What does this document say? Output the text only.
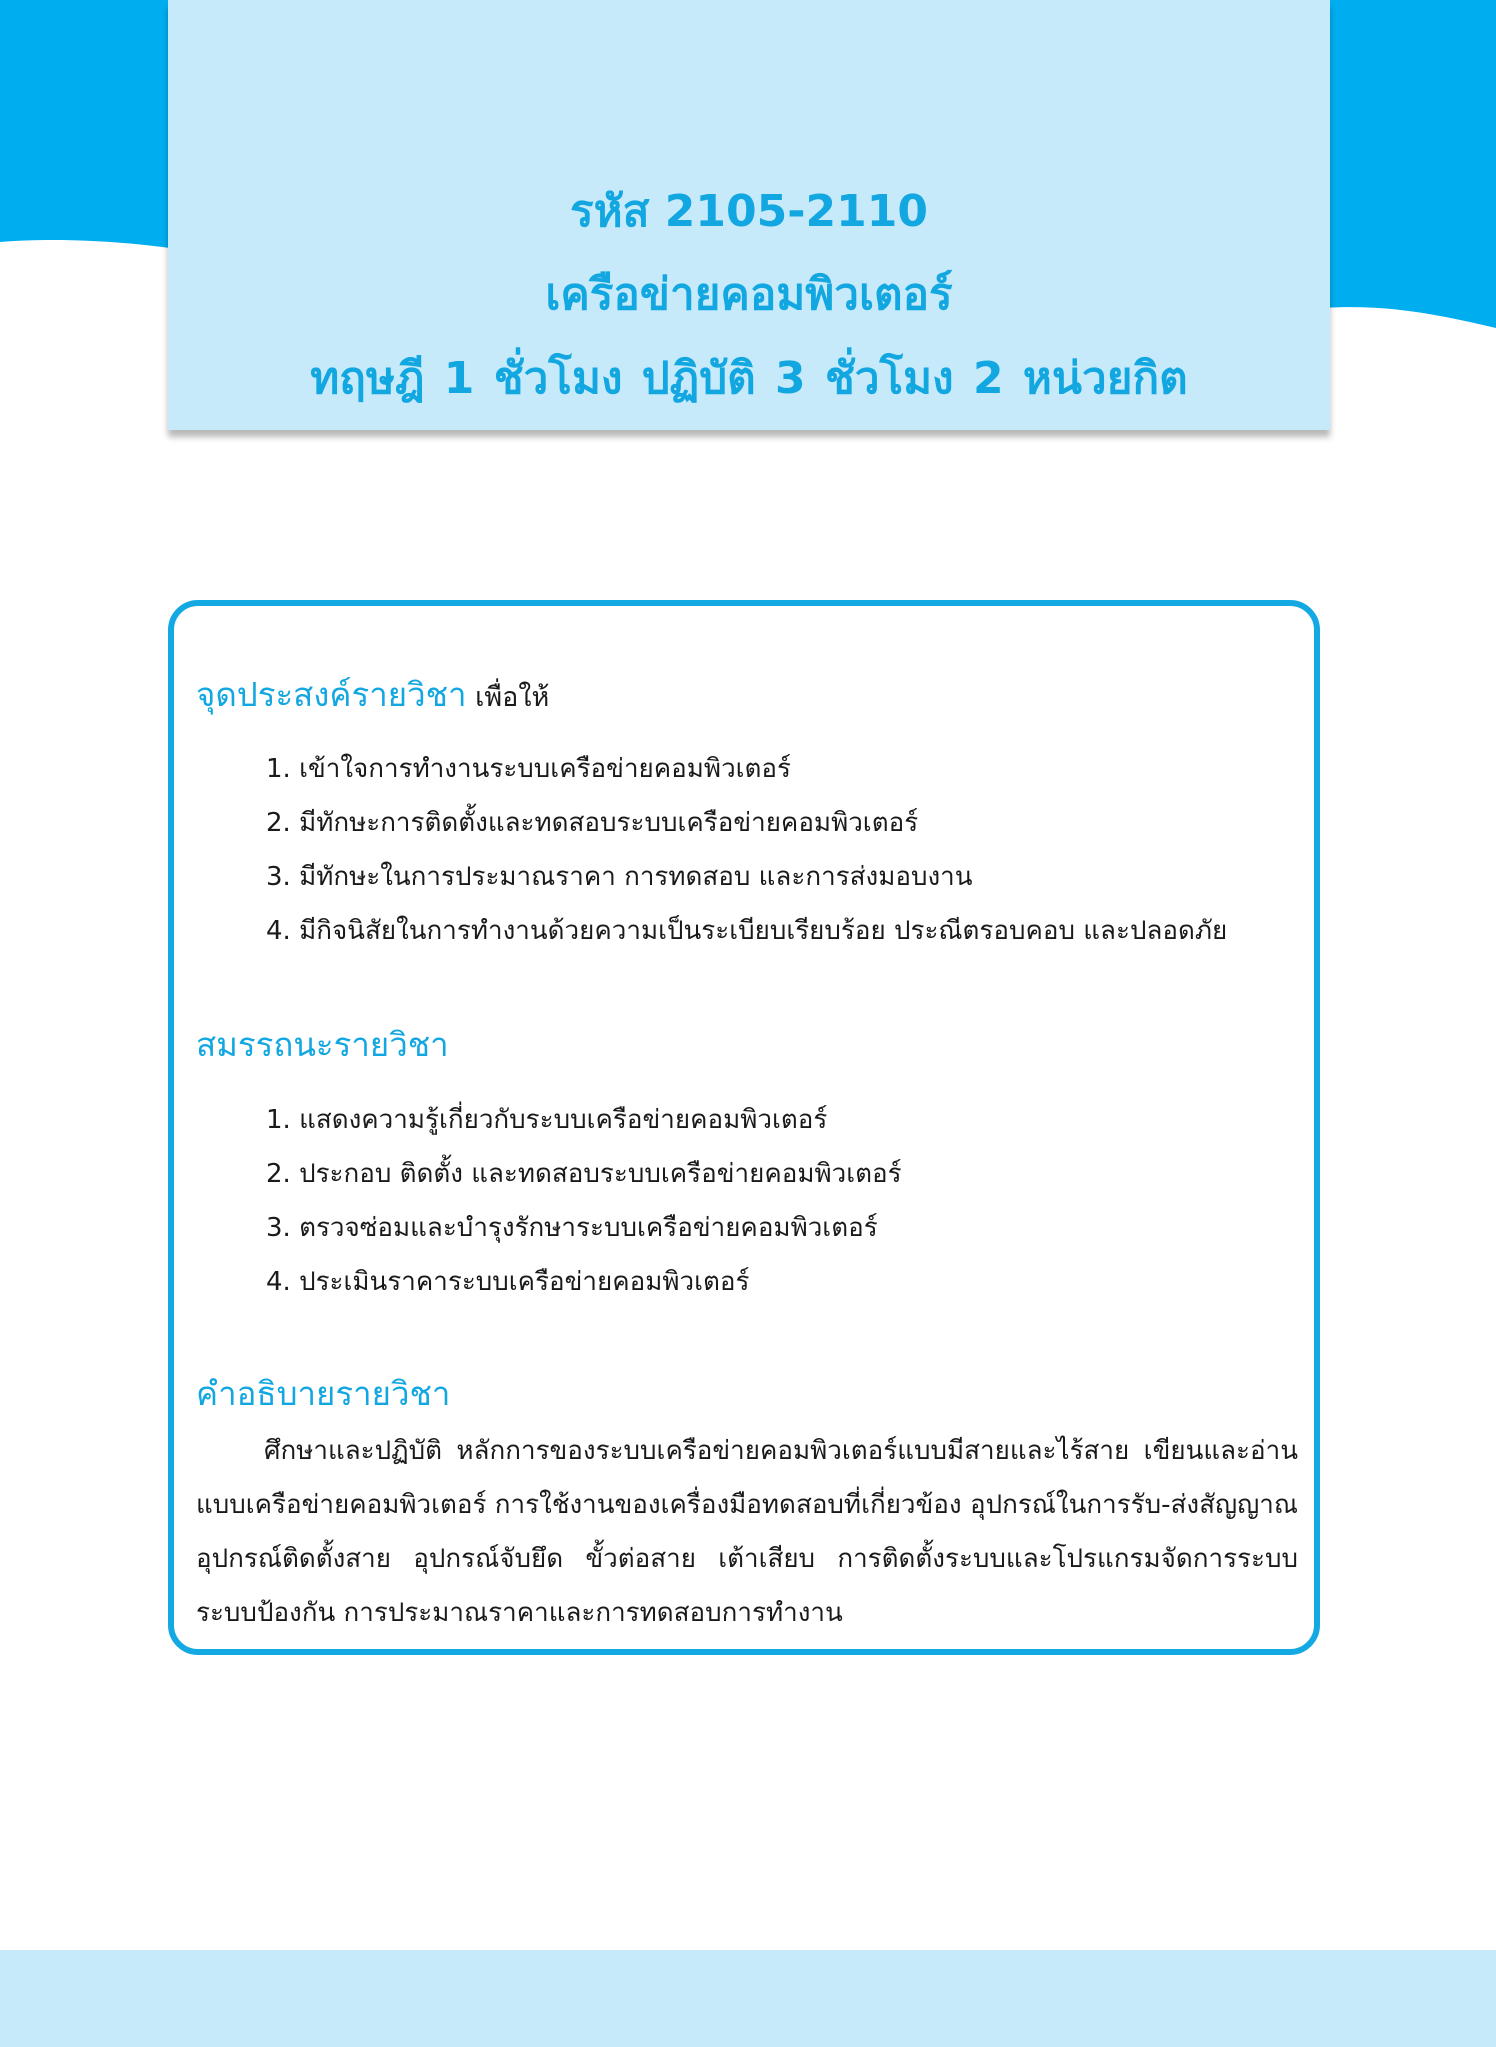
รหัส 2105-2110
เครือข่ายคอมพิวเตอร์
ทฤษฎี 1 ชั่วโมง ปฏิบัติ 3 ชั่วโมง 2 หน่วยกิต
จุดประสงค์รายวิชา เพื่อให้
1. เข้าใจการทำงานระบบเครือข่ายคอมพิวเตอร์
2. มีทักษะการติดตั้งและทดสอบระบบเครือข่ายคอมพิวเตอร์
3. มีทักษะในการประมาณราคา การทดสอบ และการส่งมอบงาน
4. มีกิจนิสัยในการทำงานด้วยความเป็นระเบียบเรียบร้อย ประณีตรอบคอบ และปลอดภัย
สมรรถนะรายวิชา
1. แสดงความรู้เกี่ยวกับระบบเครือข่ายคอมพิวเตอร์
2. ประกอบ ติดตั้ง และทดสอบระบบเครือข่ายคอมพิวเตอร์
3. ตรวจซ่อมและบำรุงรักษาระบบเครือข่ายคอมพิวเตอร์
4. ประเมินราคาระบบเครือข่ายคอมพิวเตอร์
คำอธิบายรายวิชา

ศึกษาและปฏิบัติ หลักการของระบบเครือข่ายคอมพิวเตอร์แบบมีสายและไร้สาย เขียนและอ่านแบบเครือข่ายคอมพิวเตอร์ การใช้งานของเครื่องมือทดสอบที่เกี่ยวข้อง อุปกรณ์ในการรับ-ส่งสัญญาณ อุปกรณ์ติดตั้งสาย อุปกรณ์จับยึด ขั้วต่อสาย เต้าเสียบ การติดตั้งระบบและโปรแกรมจัดการระบบระบบป้องกัน การประมาณราคาและการทดสอบการทำงาน
